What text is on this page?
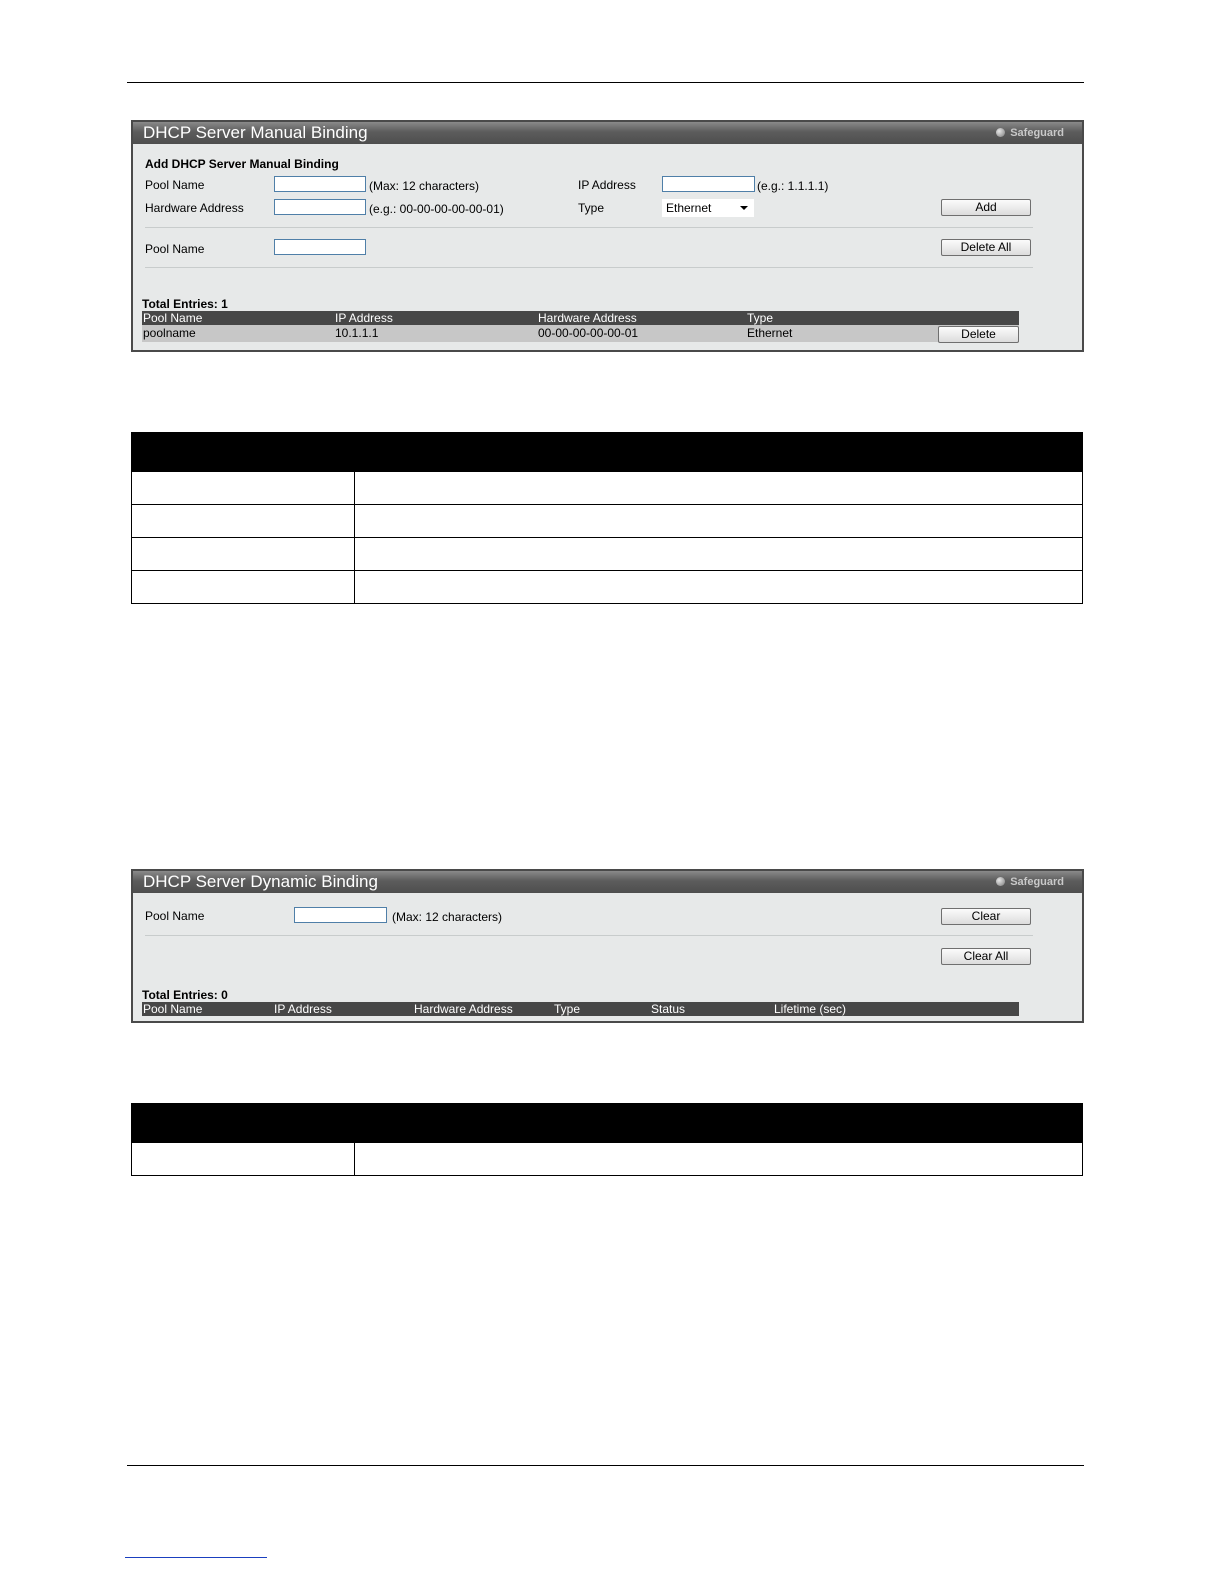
DHCP Server Manual Binding	Safeguard
Add DHCP Server Manual Binding
Pool Name	(Max: 12 characters)	IP Address	(e.g.: 1.1.1.1)
Hardware Address	(e.g.: 00-00-00-00-00-01)	Type	Ethernet	Add
Pool Name	Delete All
Total Entries: 1
Pool Name	IP Address	Hardware Address	Type
poolname	10.1.1.1	00-00-00-00-00-01	Ethernet	Delete

DHCP Server Dynamic Binding	Safeguard
Pool Name	(Max: 12 characters)	Clear
Clear All
Total Entries: 0
Pool Name	IP Address	Hardware Address	Type	Status	Lifetime (sec)
